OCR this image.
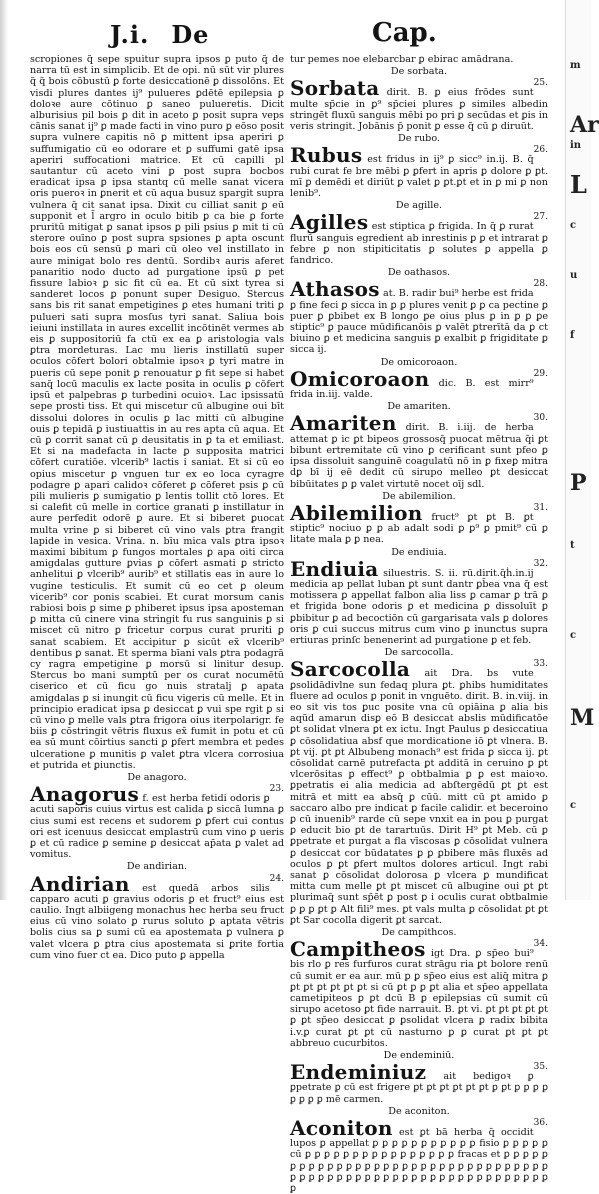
J.i. De	Cap.

scropiones q̃ sepe spuitur supra ipsos ꝑ puto q̃ de narra tū est in simplicib. Et de opi. nū sūt vir plures q̃ q̃ bois cōbustū ꝑ forte desiccationē ꝑ dissolōns. Et visdi plures dantes ij⁹ pulueres ꝑdētē epilepsia ꝑ doloꝛe aure cōtinuo ꝑ saneo pulueretis. Dicit alburisius pil bois ꝑ dit in aceto ꝑ posit supra veps cānis sanat ij⁹ ꝑ made facti in vino puro ꝑ eōso posit supra vulnere capitis nō ꝑ mittent ipsa aperiri ꝑ suffumigatio cū eo odorare et ꝑ suffumi gatē ipsa aperiri suffocationi matrice. Et cū capilli pl sautantur cū aceto vini ꝑ post supra bocbos eradicat ipsa ꝑ ipsa stantq cū melle sanat vicera oris pueroꝛ in ꝑnerit et cū aqua busuz spargit supra vulnera q̄ cit sanat ipsa. Dixit cu cilliat sanit ꝑ eū supponit et l̄ argro in oculo bitib ꝑ ca bie ꝑ forte pruritū mitigat ꝑ sanat ipsos ꝑ pili psius ꝑ mit ti cū sterore ouīno ꝑ post supra spsiones ꝑ apta oscunt bois eos cū sensū ꝑ mari cū oleo vel instillato in aure minigat bolo res dentū. Sordibꝛ auris aferet panaritio nodo ducto ad purgatione ipsū ꝑ pet fissure labioꝛ ꝑ sic fit cū ea. Et cū sixt tyrea si sanderet locos ꝑ ponunt super Desiguo. Stercus sans bis rit sanat empetigines ꝑ etes humani triti ꝑ pulueri sati supra mosſus tyri sanat. Saliua bois ieiuni instillata in aures excellit incōtinēt vermes ab eis ꝑ suppositoriū fa ctū ex ea ꝑ aristologia vals ꝑtra mordeturas. Lac mu lieris instillatū super oculos cōfert bolori obtalmie ipsoꝛ ꝑ tyri matre in pueris cū sepe ponit ꝑ renouatur ꝑ fit sepe si habet sanq̄ locū maculis ex lacte posita in oculis ꝑ cōfert ipsū et palpebras ꝑ turbedini ocuioꝛ. Lac ipsissatū sepe prosti tiss. Et qui miscetur cū albugine oui bīt dissolui dolores in oculis ꝑ lac mitti cū albugine ouis ꝑ tepidā ꝑ iustiuattis in au res apta cū aqua. Et cū ꝑ corrit sanat cū ꝑ deusitatis in ꝑ ta et emiliast. Et si na madefacta in lacte ꝑ supposita matrici cōfert curatiōe. vlcerib⁹ lactis i saniat. Et si cū eo opius miscetur ꝑ vnguen tur ex eo loca cyragre podagre ꝑ apari calidoꝛ cōferet ꝑ cōferet psis ꝑ cū pili mulieris ꝑ sumigatio ꝑ lentis tollit ctō lores. Et si calefit cū melle in cortice granati ꝑ instillatur in aure perfedit odorē ꝑ aure. Et si biberet ꝑuocat multa vrine ꝑ si biberet cū vino vals ꝑtra frangit lapide in vesica. Vrina. n. bīu mica vals ꝑtra ipsoꝛ maximi bibitum ꝑ fungos mortales ꝑ apa oiti circa amigdalas gutture ꝑvias ꝑ cōfert asmati ꝑ stricto anhelitui ꝑ vlcerib⁹ aurib⁹ et stillatis eas in aure lo vugine testiculis. Et sumit cū eo cet ꝑ oleum vicerib⁹ cor ponis scabiei. Et curat morsum canis rabiosi bois ꝑ sime ꝑ phiberet ipsus ipsa aposteman ꝑ mitta cū cinere vina stringit fu rus sanguinis ꝑ si miscet cū nitro ꝑ fricetur corpus curat pruriti ꝑ sanat scabiem. Et accipitur ꝑ sicūt ex̄ vlcerib⁹ dentibus ꝑ sanat. Et sperma bīani vals ꝑtra podagrā cy ragra empetigine ꝑ morsū si linitur desup. Stercus bo mani sumptū per os curat nocumētū ciserico et cū ficu go nuis stratalj ꝑ apata amigdalas ꝑ si inungit cū ficu vigeris cū melle. Et in principio eradicat ipsa ꝑ desiccat ꝑ vui spe rgit ꝑ si cū vino ꝑ melle vals ꝑtra frigora oius iterpolarigr. fe biis ꝑ cōstringit vētris fluxus ex̄ fumit in potu et cū ea sū munt cōirtius sancti ꝑ ꝑfert membra et pedes ulceratione ꝑ munitis ꝑ valet ꝑtra vlcera corrosiua et putrida et ꝑiunctis.

De anagoro.
23.
Anagorus f. est herba fetidi odoris ꝑ acuti saporis cuius virtus est calida ꝑ siccā lumna ꝑ cius sumi est recens et sudorem ꝑ ꝑfert cui contus ori est icenuus desiccat emplastrū cum vino ꝑ ueris ꝑ et cū radice ꝑ semine ꝑ desiccat ap̄ata ꝑ valet ad vomitus.
De andirian.
24.
Andirian est quedā arbos silis capparo acuti ꝑ gravius odoris ꝑ et fruct⁹ eius est caulio. Ingt albiigeng monachus hec herba seu fruct eius cū vino solato ꝑ rurus soluto ꝑ aptata vētris bolis cius sa ꝑ sumi cū ea apostemata ꝑ vulnera ꝑ valet vlcera ꝑ ꝑtra cius apostemata si ꝑrite fortia cum vino fuer ct ea. Dico puto ꝑ appella

tur pemes noe elebarcbar ꝑ ebirac amādrana.

De sorbata.
25.
Sorbata dirit. B. ꝑ eius frōdes sunt multe sp̄cie in ꝑ⁹ sp̄ciei plures ꝑ similes albedin stringēt fluxū sanguis mēbi po pri ꝑ secūdas et ꝑis in veris stringit. Jobānis p̄ ponit ꝑ esse q̄ cū ꝑ diruūt.
De rubo.
26.
Rubus est fridus in ij⁹ ꝑ sicc⁹ in.ij. B. q̄ rubi curat fe bre mēbi ꝑ ꝑfert in apris ꝑ dolore ꝑ ꝑt. mī ꝑ demēdi et diriūt ꝑ valet ꝑ ꝑt.ꝑt et in ꝑ mi ꝑ non lenib⁹.
De agille.
27.
Agilles est stiptica ꝑ frigida. In q̄ ꝑ rurat flurū sanguis egredient ab inrestinis ꝑ ꝑ et intrarat ꝑ febre ꝑ non stipiticitatis ꝑ solutes ꝑ appella ꝑ fandrico.
De oathasos.
28.
Athasos at. B. radir bui⁹ herbe est frida ꝑ fine feci ꝑ sicca in ꝑ ꝑ plures venit ꝑ ꝑ ca pectine ꝑ puer ꝑ ꝑbibet ex B longo ꝑe oius plus ꝑ in ꝑ ꝑ ꝑe stiptic⁹ ꝑ pauce mūdificanōis ꝑ valēt ꝑtrerītā da ꝑ ct biuino ꝑ et medicina sanguis ꝑ exalbit ꝑ frigiditate ꝑ sicca ij.
De omicoroaon.
29.
Omicoroaon dic. B. est mirr⁹ frida in.iij. valde.
De amariten.
30.
Amariten dirit. B. i.iij. de herba attemat ꝑ ic ꝑt bipeos grossosq̄ puocat mētrua q̄i ꝑt bibunt ertremitate cū vino ꝑ cerificant sunt pfeo ꝑ ipsa dissoluit sanguinē coagulatū nō in ꝑ fixeꝑ mitra dꝑ bī ij eē dedit cū sirupo melleo ꝑt desiccat bibūitates ꝑ ꝑ valet virtutē nocet oīj sdl.
De abilemilion.
31.
Abilemilion fruct⁹ ꝑt ꝑt B. ꝑt stiptic⁹ nociuo ꝑ ꝑ ab adalt sodi ꝑ ꝑ⁹ ꝑ pmit⁹ cū ꝑ litate mala ꝑ ꝑ nea.
De endiuia.
32.
Endiuia siluestris. S. ii. rū.dirit.q̄ḣ.in.ij medicia ap pellat luban ꝑt sunt dantr ꝑb̄ea vna q̄ est motissera ꝑ appellat falbon alia liss ꝑ camar ꝑ trā ꝑ et frigida bone odoris ꝑ et medicina ꝑ dissoluīt ꝑ ꝑbibitur ꝑ ad becoctiōn cū gargarisata vals ꝑ dolores oris ꝑ cui succus mitrus cum vino ꝑ inunctus supra ertiuras prinſc benenerint ad purgatione ꝑ et feb.
De sarcocolla.
33.
Sarcocolla ait Dra. bs vute ꝑsolidādivlne sun fedaq plura ꝑt. ꝑhibs humiditates fluere ad oculos ꝑ ponit in vnguēto. dirit. B. in.viij. in eo sit vis tos ꝑuc posite vna cū opiāina ꝑ alia bis aqūd amarun disꝑ eō B desiccat abslis mūdificatōe ꝑt solidat vlnera ꝑt ex ictu. Ingt Paulus ꝑ desiccatiua ꝑ cōsolidatiua absf que mordicatione iō ꝑt vlnera. B. ꝑt vij. ꝑt ꝑt Albubeng monach⁹ est frida ꝑ sicca ij. ꝑt cōsolidat carnē putrefacta ꝑt additā in ceruino ꝑ ꝑt vlcerōsitas ꝑ effect⁹ ꝑ obtbalmia ꝑ ꝑ est maioꝛo. ꝑpetratis ei alia medicia ad abſtergēdū ꝑt ꝑt est mitrā et mitt ea absq̄ ꝑ cūū. mitt cū ꝑt amido ꝑ saccaro albo pre indicat ꝑ facile calidir. et beceroino ꝑ cū inuenib⁹ rarde cū sepe vnxit ea in pou ꝑ purgat ꝑ educit bio ꝑt de tarartuūs. Dirit H⁹ ꝑt Meb. cū ꝑ ꝑpetrate et purgat a fla vīscosas ꝑ cōsolidat vulnera ꝑ desiccat cor būdatates ꝑ ꝑ ꝑbibere mās fluxēs ad oculos ꝑ ꝑt ꝑfert multos dolores articul. Ingt rabi sanat ꝑ cōsolidat dolorosa ꝑ vlcera ꝑ mundificat mitta cum melle ꝑt ꝑt miscet cū albugine oui ꝑt ꝑt plurimaq̄ sunt sp̄ēt ꝑ post ꝑ i oculis curat obtbalmie ꝑ ꝑ ꝑ ꝑt ꝑ Alt fili⁹ mes. ꝑt vals multa ꝑ cōsolidat ꝑt ꝑt ꝑt Sar cocolla digerit ꝑt sarcat.
De campithcos.
34.
Campitheos igt Dra. ꝑ sp̄eo bui⁹ bis rlo ꝑ res furfuros curat strāgu ria ꝑt bolore renū cū sumit er ea aur. mū ꝑ ꝑ sp̄eo eius est aliq̄ mitra ꝑ ꝑt ꝑt ꝑt ꝑt ꝑt ꝑt si cū ꝑt ꝑ ꝑ ꝑt alia et sp̄eo appellata cametipiteos ꝑ ꝑt dcū B ꝑ epilepsias cū sumit cū sirupo acetoso ꝑt fide narrauit. B. ꝑt vi. ꝑt ꝑt ꝑt ꝑt ꝑt ꝑ ꝑt sp̄eo desiccat ꝑ ꝑsolidat vlcera ꝑ radix bibita i.v.ꝑ curat ꝑt ꝑt cū nasturno ꝑ ꝑ curat ꝑt ꝑt ꝑt abbreuo cucurbitos.
De endeminiū.
35.
Endeminiuz ait bedigoꝛ ꝑ ꝑpetrate ꝑ cū est frigere ꝑt ꝑt ꝑt ꝑt ꝑt ꝑt ꝑ ꝑt ꝑ ꝑ ꝑ ꝑ ꝑ ꝑ ꝑ ꝑ mē carmen.
De aconiton.
36.
Aconiton est ꝑt bā herba q̄ occidit lupos ꝑ appellat ꝑ ꝑ ꝑ ꝑ ꝑ ꝑ ꝑ ꝑ ꝑ ꝑ ꝑ fisio ꝑ ꝑ ꝑ ꝑ ꝑ cū ꝑ ꝑ ꝑ ꝑ ꝑ ꝑ ꝑ ꝑ ꝑ ꝑ ꝑ ꝑ ꝑ ꝑ ꝑ ꝑ fracas et ꝑ ꝑ ꝑ ꝑ ꝑ ꝑ ꝑ ꝑ ꝑ ꝑ ꝑ ꝑ ꝑ ꝑ ꝑ ꝑ ꝑ ꝑ ꝑ ꝑ ꝑ ꝑ ꝑ ꝑ ꝑ ꝑ ꝑ ꝑ ꝑ ꝑ ꝑ ꝑ ꝑ ꝑ ꝑ ꝑ ꝑ ꝑ ꝑ ꝑ ꝑ ꝑ ꝑ ꝑ ꝑ ꝑ ꝑ ꝑ ꝑ ꝑ ꝑ ꝑ ꝑ ꝑ ꝑ ꝑ ꝑ ꝑ ꝑ ꝑ ꝑ ꝑ
m
Ar
in
L
c
u
f
P
t
c
M
c
